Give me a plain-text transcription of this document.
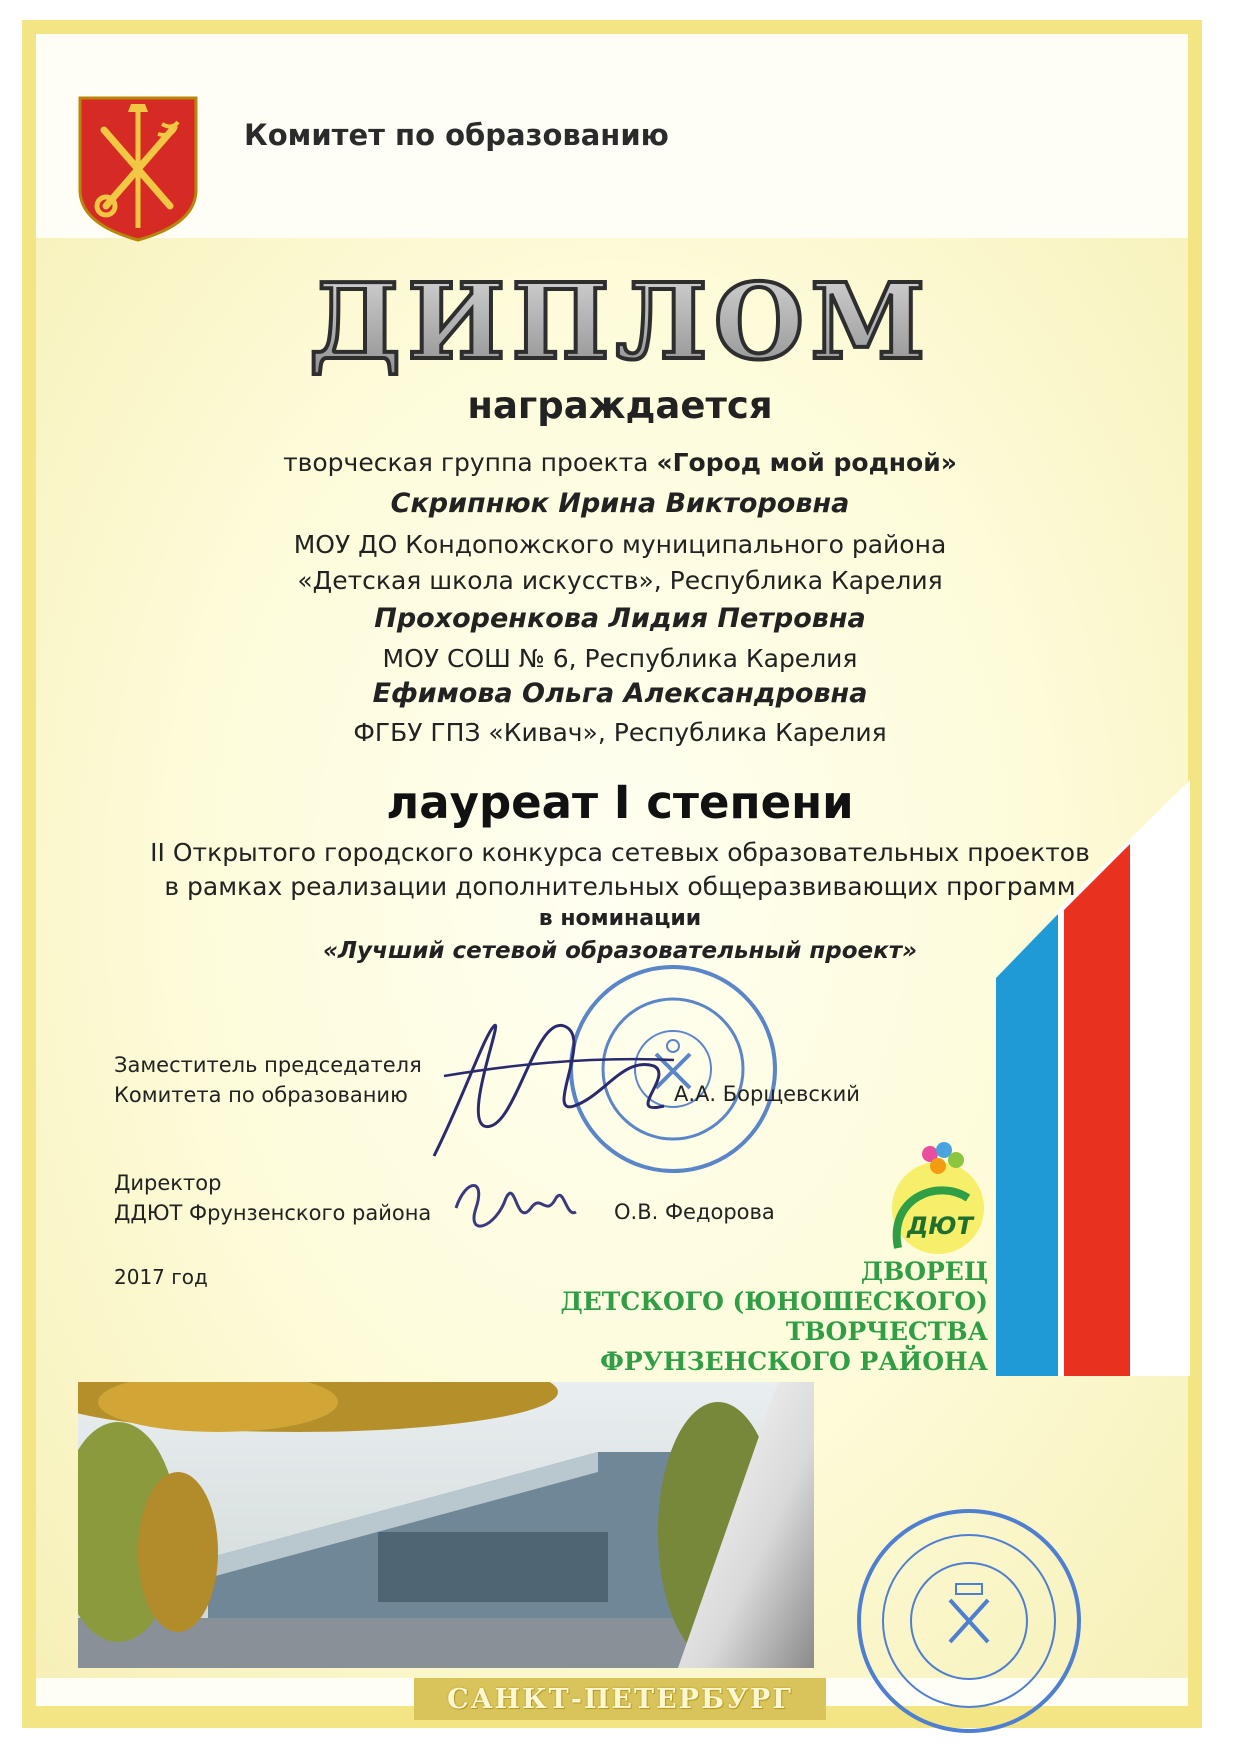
Комитет по образованию
ДИПЛОМ
награждается
творческая группа проекта «Город мой родной»
Скрипнюк Ирина Викторовна
МОУ ДО Кондопожского муниципального района
«Детская школа искусств», Республика Карелия
Прохоренкова Лидия Петровна
МОУ СОШ № 6, Республика Карелия
Ефимова Ольга Александровна
ФГБУ ГПЗ «Кивач», Республика Карелия
лауреат I степени
II Открытого городского конкурса сетевых образовательных проектов
в рамках реализации дополнительных общеразвивающих программ
в номинации
«Лучший сетевой образовательный проект»
Заместитель председателя
Комитета по образованию	А.А. Борщевский
Директор
ДДЮТ Фрунзенского района	О.В. Федорова
2017 год
ДЮТ
ДВОРЕЦ
ДЕТСКОГО (ЮНОШЕСКОГО)
ТВОРЧЕСТВА
ФРУНЗЕНСКОГО РАЙОНА
САНКТ-ПЕТЕРБУРГ
